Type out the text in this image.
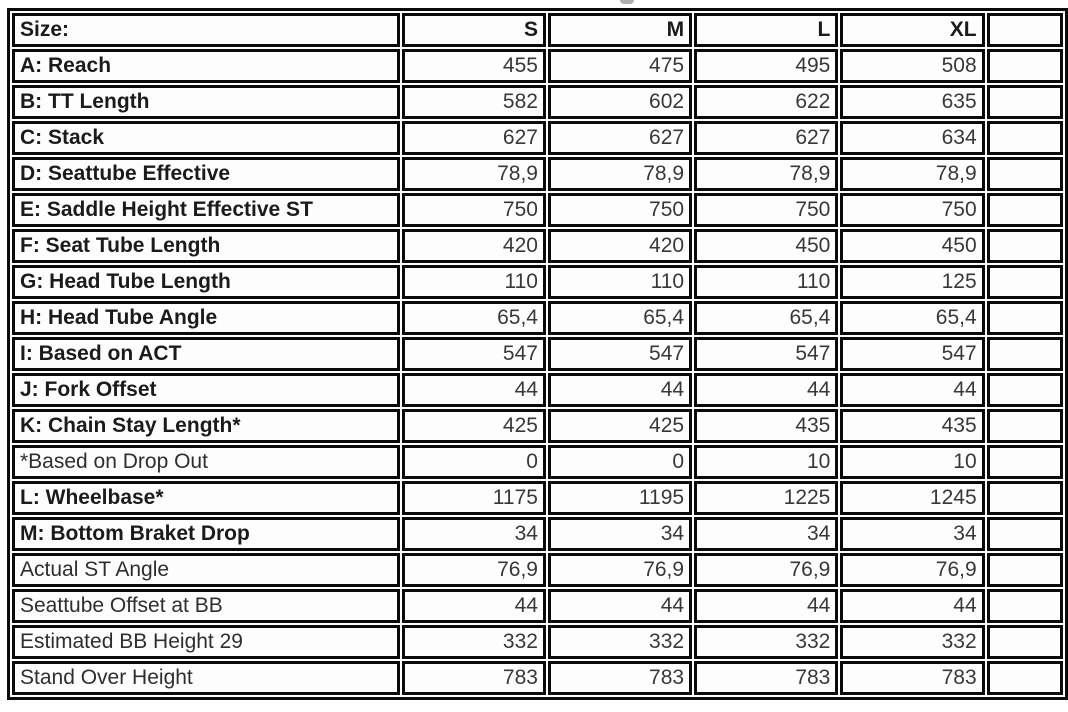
Size:	S	M	L	XL	
A: Reach	455	475	495	508	
B: TT Length	582	602	622	635	
C: Stack	627	627	627	634	
D: Seattube Effective	78,9	78,9	78,9	78,9	
E: Saddle Height Effective ST	750	750	750	750	
F: Seat Tube Length	420	420	450	450	
G: Head Tube Length	110	110	110	125	
H: Head Tube Angle	65,4	65,4	65,4	65,4	
I: Based on ACT	547	547	547	547	
J: Fork Offset	44	44	44	44	
K: Chain Stay Length*	425	425	435	435	
*Based on Drop Out	0	0	10	10	
L: Wheelbase*	1175	1195	1225	1245	
M: Bottom Braket Drop	34	34	34	34	
Actual ST Angle	76,9	76,9	76,9	76,9	
Seattube Offset at BB	44	44	44	44	
Estimated BB Height 29	332	332	332	332	
Stand Over Height	783	783	783	783	
